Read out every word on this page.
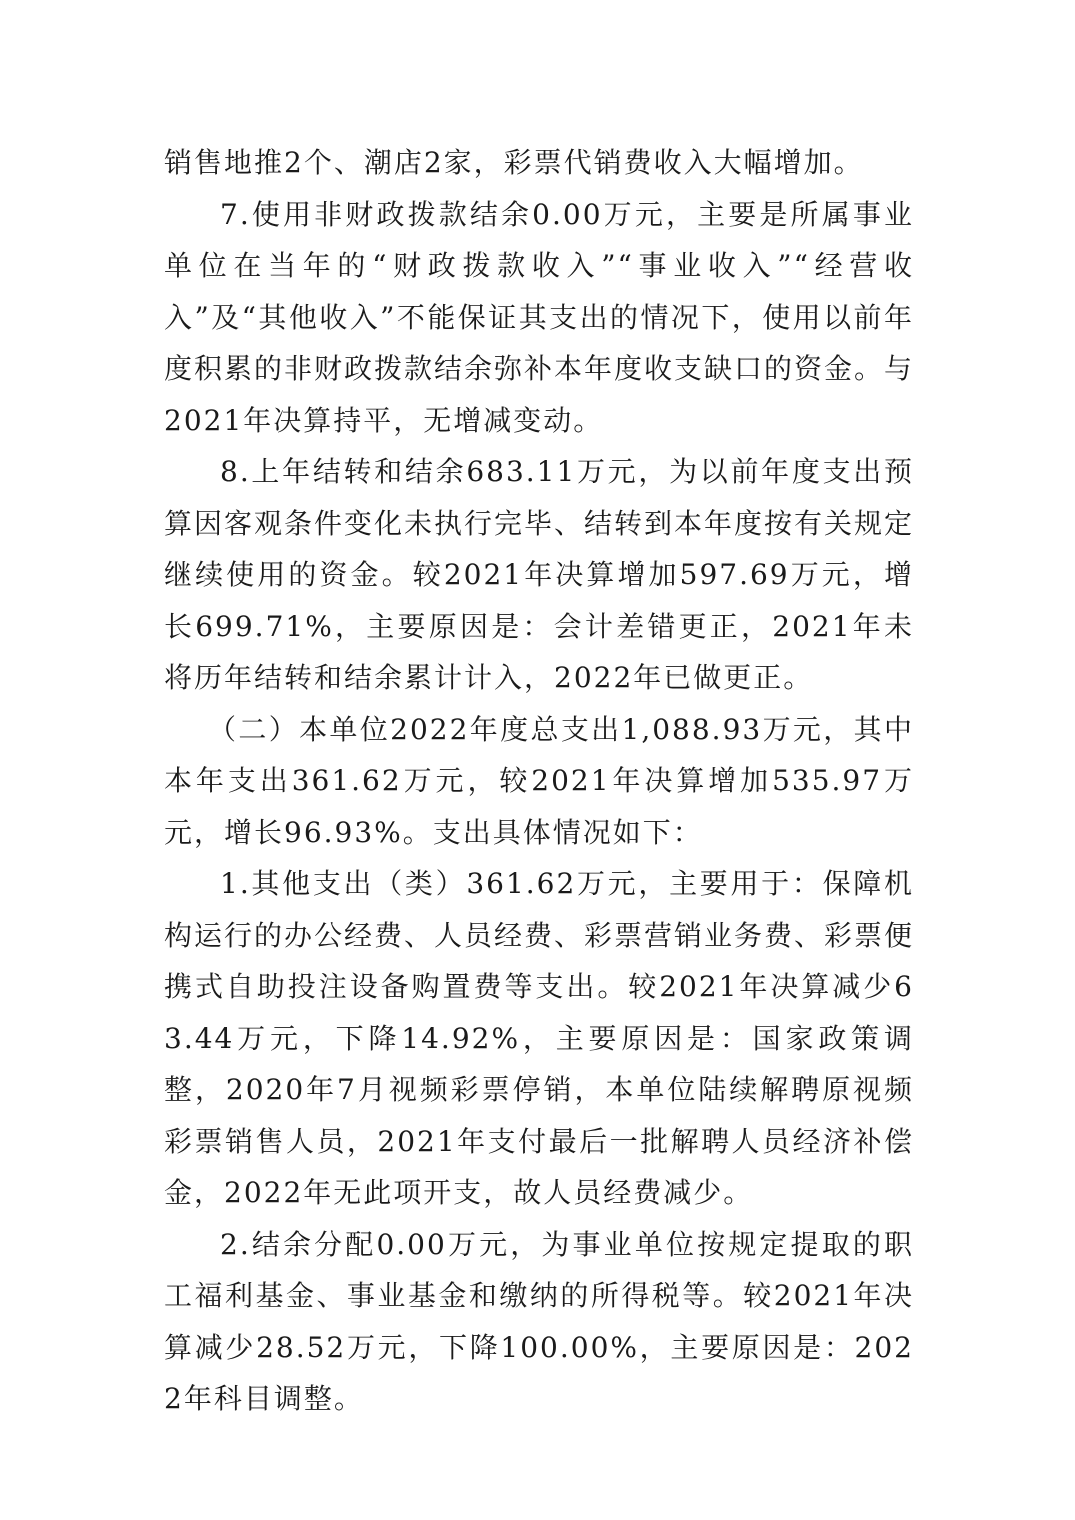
销售地推2个、潮店2家，彩票代销费收入大幅增加。

7.使用非财政拨款结余0.00万元，主要是所属事业单位在当年的“财政拨款收入”“事业收入”“经营收入”及“其他收入”不能保证其支出的情况下，使用以前年度积累的非财政拨款结余弥补本年度收支缺口的资金。与2021年决算持平，无增减变动。

8.上年结转和结余683.11万元，为以前年度支出预算因客观条件变化未执行完毕、结转到本年度按有关规定继续使用的资金。较2021年决算增加597.69万元，增长699.71%，主要原因是：会计差错更正，2021年未将历年结转和结余累计计入，2022年已做更正。

（二）本单位2022年度总支出1,088.93万元，其中本年支出361.62万元，较2021年决算增加535.97万元，增长96.93%。支出具体情况如下：

1.其他支出（类）361.62万元，主要用于：保障机构运行的办公经费、人员经费、彩票营销业务费、彩票便携式自助投注设备购置费等支出。较2021年决算减少63.44万元，下降14.92%，主要原因是：国家政策调整，2020年7月视频彩票停销，本单位陆续解聘原视频彩票销售人员，2021年支付最后一批解聘人员经济补偿金，2022年无此项开支，故人员经费减少。

2.结余分配0.00万元，为事业单位按规定提取的职工福利基金、事业基金和缴纳的所得税等。较2021年决算减少28.52万元，下降100.00%，主要原因是：2022年科目调整。
